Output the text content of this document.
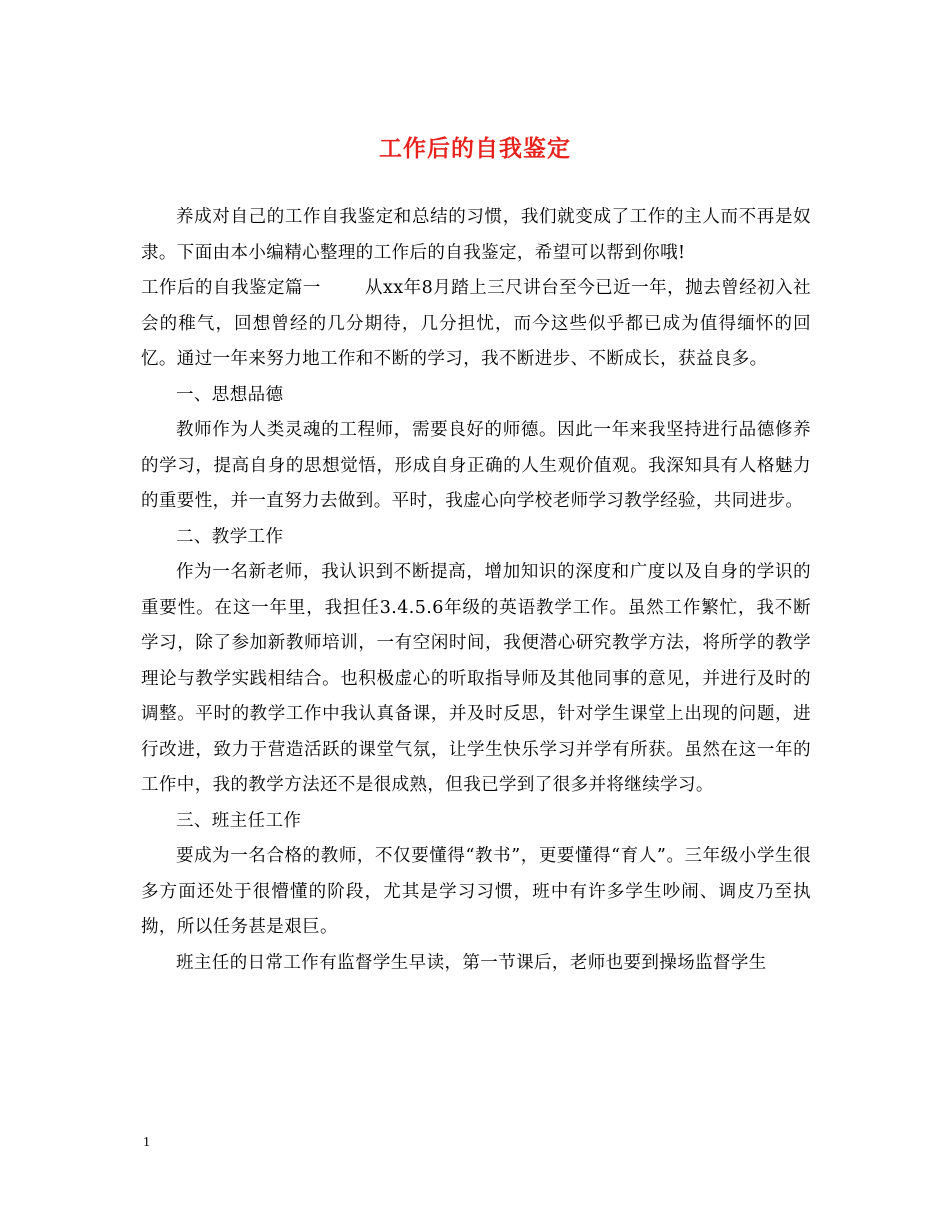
工作后的自我鉴定

养成对自己的工作自我鉴定和总结的习惯，我们就变成了工作的主人而不再是奴隶。下面由本小编精心整理的工作后的自我鉴定，希望可以帮到你哦!

工作后的自我鉴定篇一	从xx年8月踏上三尺讲台至今已近一年，抛去曾经初入社会的稚气，回想曾经的几分期待，几分担忧，而今这些似乎都已成为值得缅怀的回忆。通过一年来努力地工作和不断的学习，我不断进步、不断成长，获益良多。

一、思想品德

教师作为人类灵魂的工程师，需要良好的师德。因此一年来我坚持进行品德修养的学习，提高自身的思想觉悟，形成自身正确的人生观价值观。我深知具有人格魅力的重要性，并一直努力去做到。平时，我虚心向学校老师学习教学经验，共同进步。

二、教学工作

作为一名新老师，我认识到不断提高，增加知识的深度和广度以及自身的学识的重要性。在这一年里，我担任3.4.5.6年级的英语教学工作。虽然工作繁忙，我不断学习，除了参加新教师培训，一有空闲时间，我便潜心研究教学方法，将所学的教学理论与教学实践相结合。也积极虚心的听取指导师及其他同事的意见，并进行及时的调整。平时的教学工作中我认真备课，并及时反思，针对学生课堂上出现的问题，进行改进，致力于营造活跃的课堂气氛，让学生快乐学习并学有所获。虽然在这一年的工作中，我的教学方法还不是很成熟，但我已学到了很多并将继续学习。

三、班主任工作

要成为一名合格的教师，不仅要懂得“教书”，更要懂得“育人”。三年级小学生很多方面还处于很懵懂的阶段，尤其是学习习惯，班中有许多学生吵闹、调皮乃至执拗，所以任务甚是艰巨。

班主任的日常工作有监督学生早读，第一节课后，老师也要到操场监督学生

1
